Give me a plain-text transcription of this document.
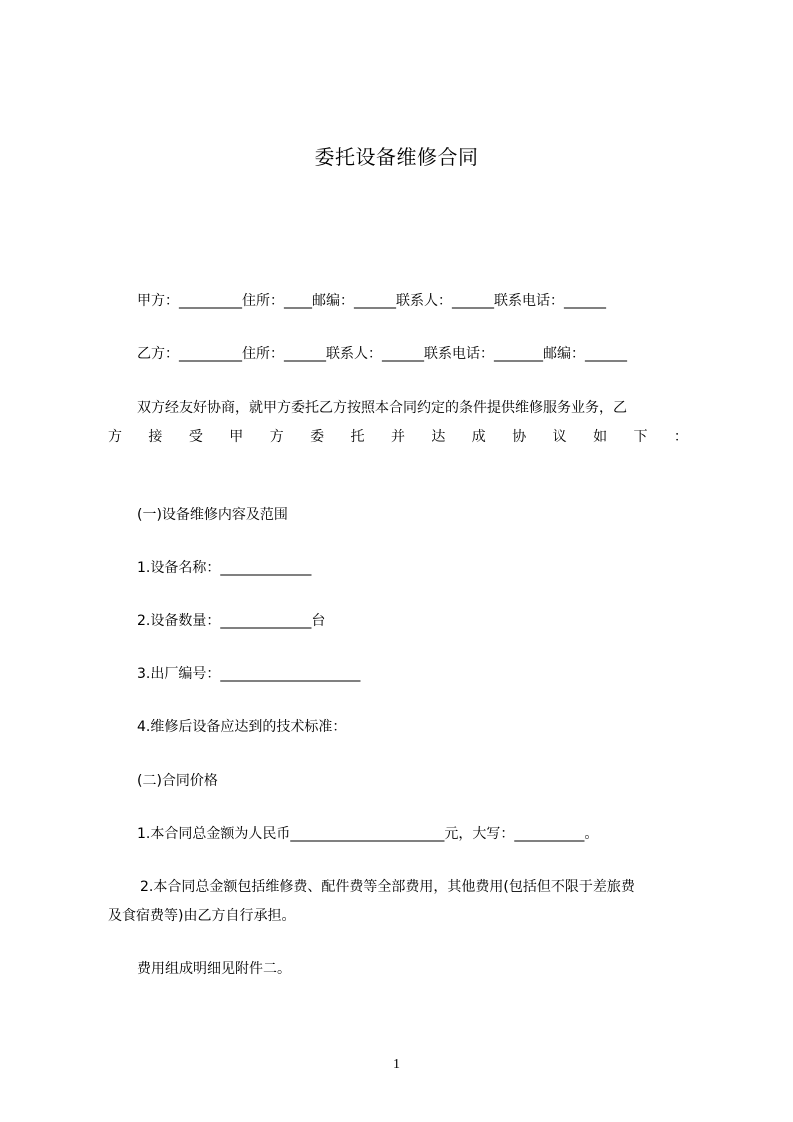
委托设备维修合同
甲方：_________住所：____邮编：______联系人：______联系电话：______
乙方：_________住所：______联系人：______联系电话：_______邮编：______
双方经友好协商，就甲方委托乙方按照本合同约定的条件提供维修服务业务，乙
方 接 受 甲 方 委 托 并 达 成 协 议 如 下 ：
(一)设备维修内容及范围
1.设备名称：_____________
2.设备数量：_____________台
3.出厂编号：____________________
4.维修后设备应达到的技术标准：
(二)合同价格
1.本合同总金额为人民币______________________元，大写：__________。
2.本合同总金额包括维修费、配件费等全部费用，其他费用(包括但不限于差旅费
及食宿费等)由乙方自行承担。
费用组成明细见附件二。
1
